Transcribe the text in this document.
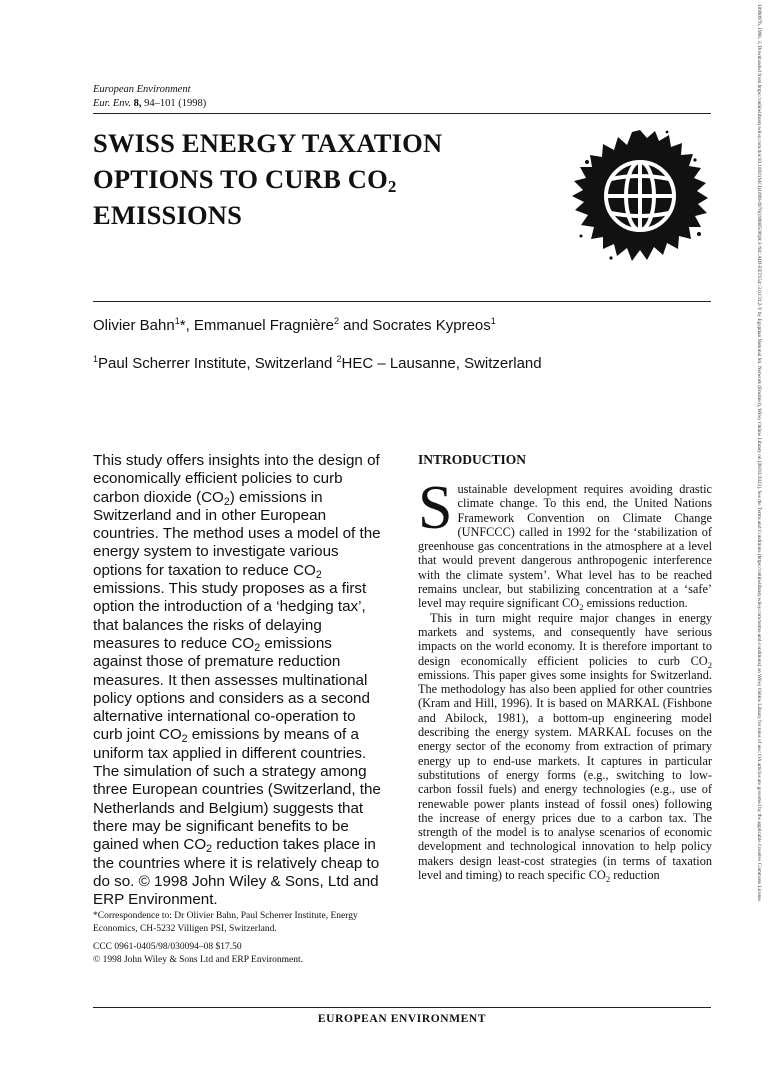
European Environment
Eur. Env. 8, 94–101 (1998)
SWISS ENERGY TAXATION
OPTIONS TO CURB $CO_2$
EMISSIONS
Olivier Bahn$^1$*, Emmanuel Fragnière$^2$ and Socrates Kypreos$^1$
$^1$Paul Scherrer Institute, Switzerland $^2$HEC – Lausanne, Switzerland
This study offers insights into the design of economically efficient policies to curb carbon dioxide $(CO_2)$ emissions in Switzerland and in other European countries. The method uses a model of the energy system to investigate various options for taxation to reduce $CO_2$ emissions. This study proposes as a first option the introduction of a ‘hedging tax’, that balances the risks of delaying measures to reduce $CO_2$ emissions against those of premature reduction measures. It then assesses multinational policy options and considers as a second alternative international co-operation to curb joint $CO_2$ emissions by means of a uniform tax applied in different countries. The simulation of such a strategy among three European countries (Switzerland, the Netherlands and Belgium) suggests that there may be significant benefits to be gained when $CO_2$ reduction takes place in the countries where it is relatively cheap to do so. © 1998 John Wiley & Sons, Ltd and ERP Environment.
*Correspondence to: Dr Olivier Bahn, Paul Scherrer Institute, Energy Economics, CH-5232 Villigen PSI, Switzerland.
CCC 0961-0405/98/030094–08 $17.50
© 1998 John Wiley & Sons Ltd and ERP Environment.
INTRODUCTION

Sustainable development requires avoiding drastic climate change. To this end, the United Nations Framework Convention on Climate Change (UNFCCC) called in 1992 for the ‘stabilization of greenhouse gas concentrations in the atmosphere at a level that would prevent dangerous anthropogenic interference with the climate system’. What level has to be reached remains unclear, but stabilizing concentration at a ‘safe’ level may require significant $CO_2$ emissions reduction.

This in turn might require major changes in energy markets and systems, and consequently have serious impacts on the world economy. It is therefore important to design economically efficient policies to curb $CO_2$ emissions. This paper gives some insights for Switzerland. The methodology has also been applied for other countries (Kram and Hill, 1996). It is based on MARKAL (Fishbone and Abilock, 1981), a bottom-up engineering model describing the energy system. MARKAL focuses on the energy sector of the economy from extraction of primary energy up to end-use markets. It captures in particular substitutions of energy forms (e.g., switching to low-carbon fossil fuels) and energy technologies (e.g., use of renewable power plants instead of fossil ones) following the increase of energy prices due to a carbon tax. The strength of the model is to analyse scenarios of economic development and technological innovation to help policy makers design least-cost strategies (in terms of taxation level and timing) to reach specific $CO_2$ reduction

EUROPEAN ENVIRONMENT
10990976, 1998, 3, Downloaded from https://onlinelibrary.wiley.com/doi/10.1002/(SICI)1099-0976(199805/06)8:3<94::AID-EET154>3.0.CO;2-Y by Egyptian National Sti. Network (Enstinet), Wiley Online Library on [08/03/2023]. See the Terms and Conditions (https://onlinelibrary.wiley.com/terms-and-conditions) on Wiley Online Library for rules of use; OA articles are governed by the applicable Creative Commons License
